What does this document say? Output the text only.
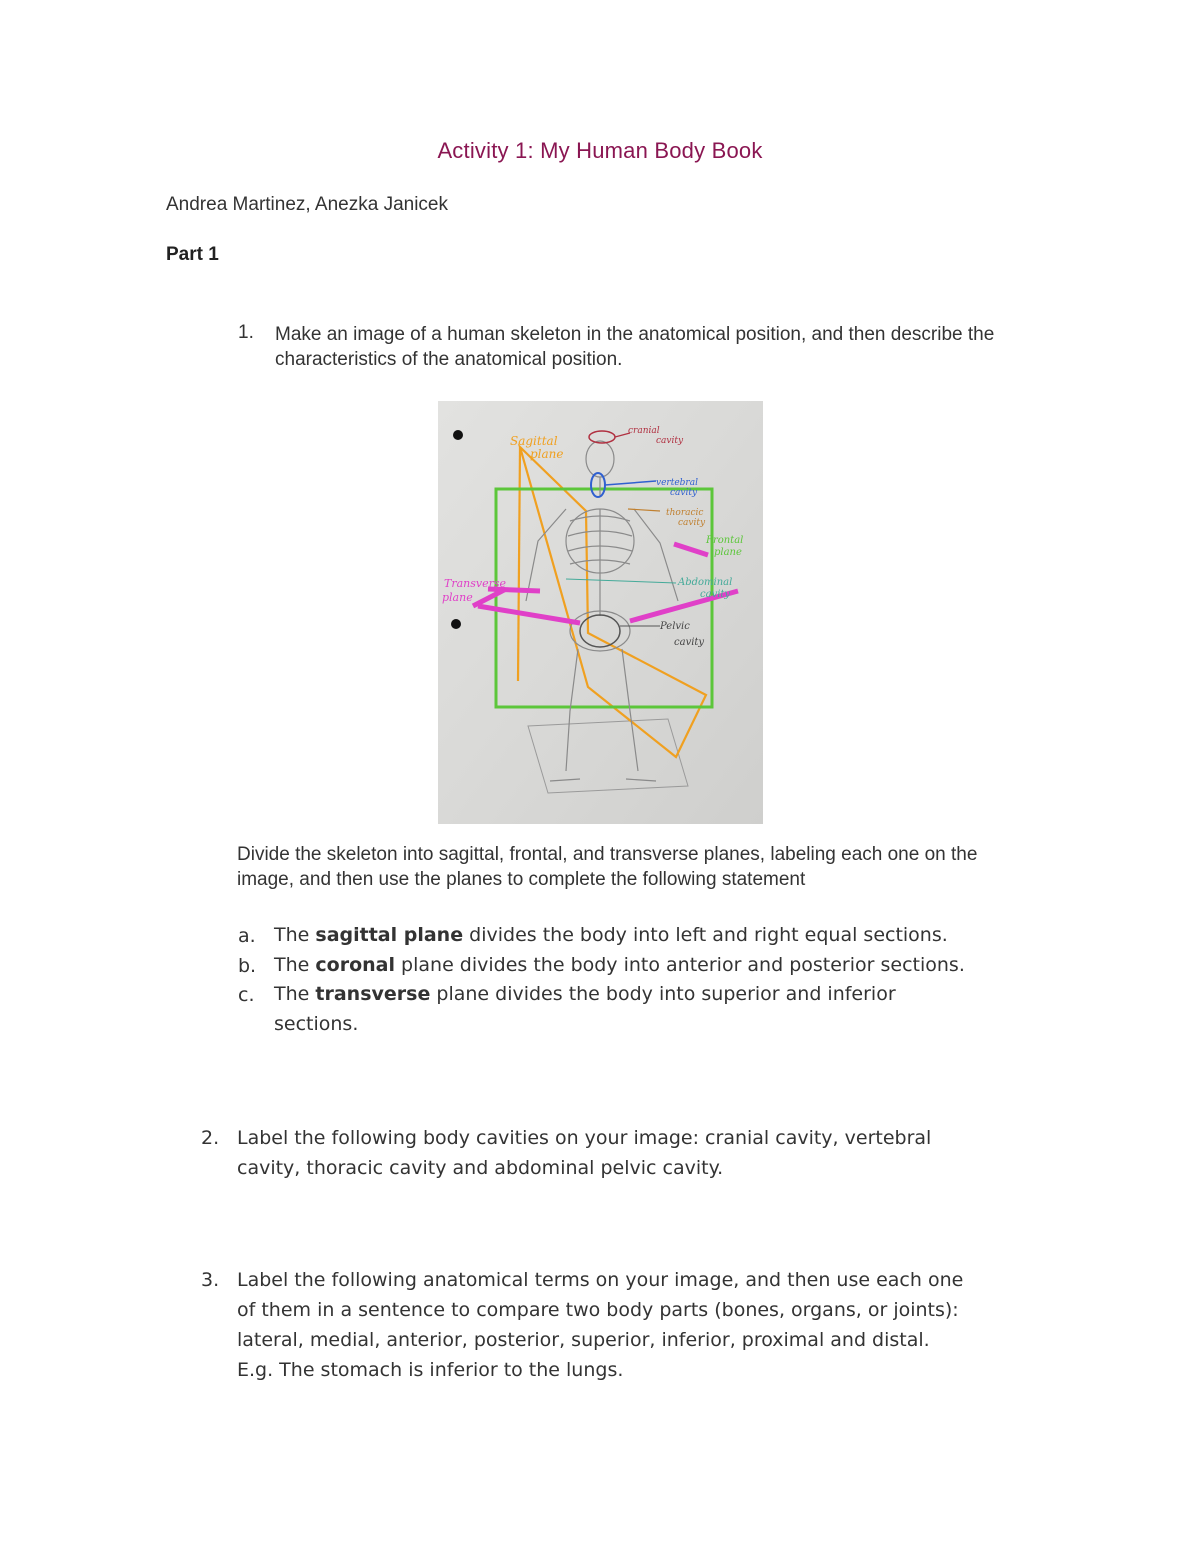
Activity 1: My Human Body Book
Andrea Martinez, Anezka Janicek
Part 1
1. Make an image of a human skeleton in the anatomical position, and then describe the characteristics of the anatomical position.
Sagittal
plane
cranial
cavity
vertebral
cavity
thoracic
cavity
Frontal
plane
Transverse
plane
Abdominal
cavity
Pelvic
cavity
Divide the skeleton into sagittal, frontal, and transverse planes, labeling each one on the image, and then use the planes to complete the following statement
a. The sagittal plane divides the body into left and right equal sections.
b. The coronal plane divides the body into anterior and posterior sections.
c. The transverse plane divides the body into superior and inferior
sections.
2. Label the following body cavities on your image: cranial cavity, vertebral
cavity, thoracic cavity and abdominal pelvic cavity.
3. Label the following anatomical terms on your image, and then use each one
of them in a sentence to compare two body parts (bones, organs, or joints):
lateral, medial, anterior, posterior, superior, inferior, proximal and distal.
E.g. The stomach is inferior to the lungs.
